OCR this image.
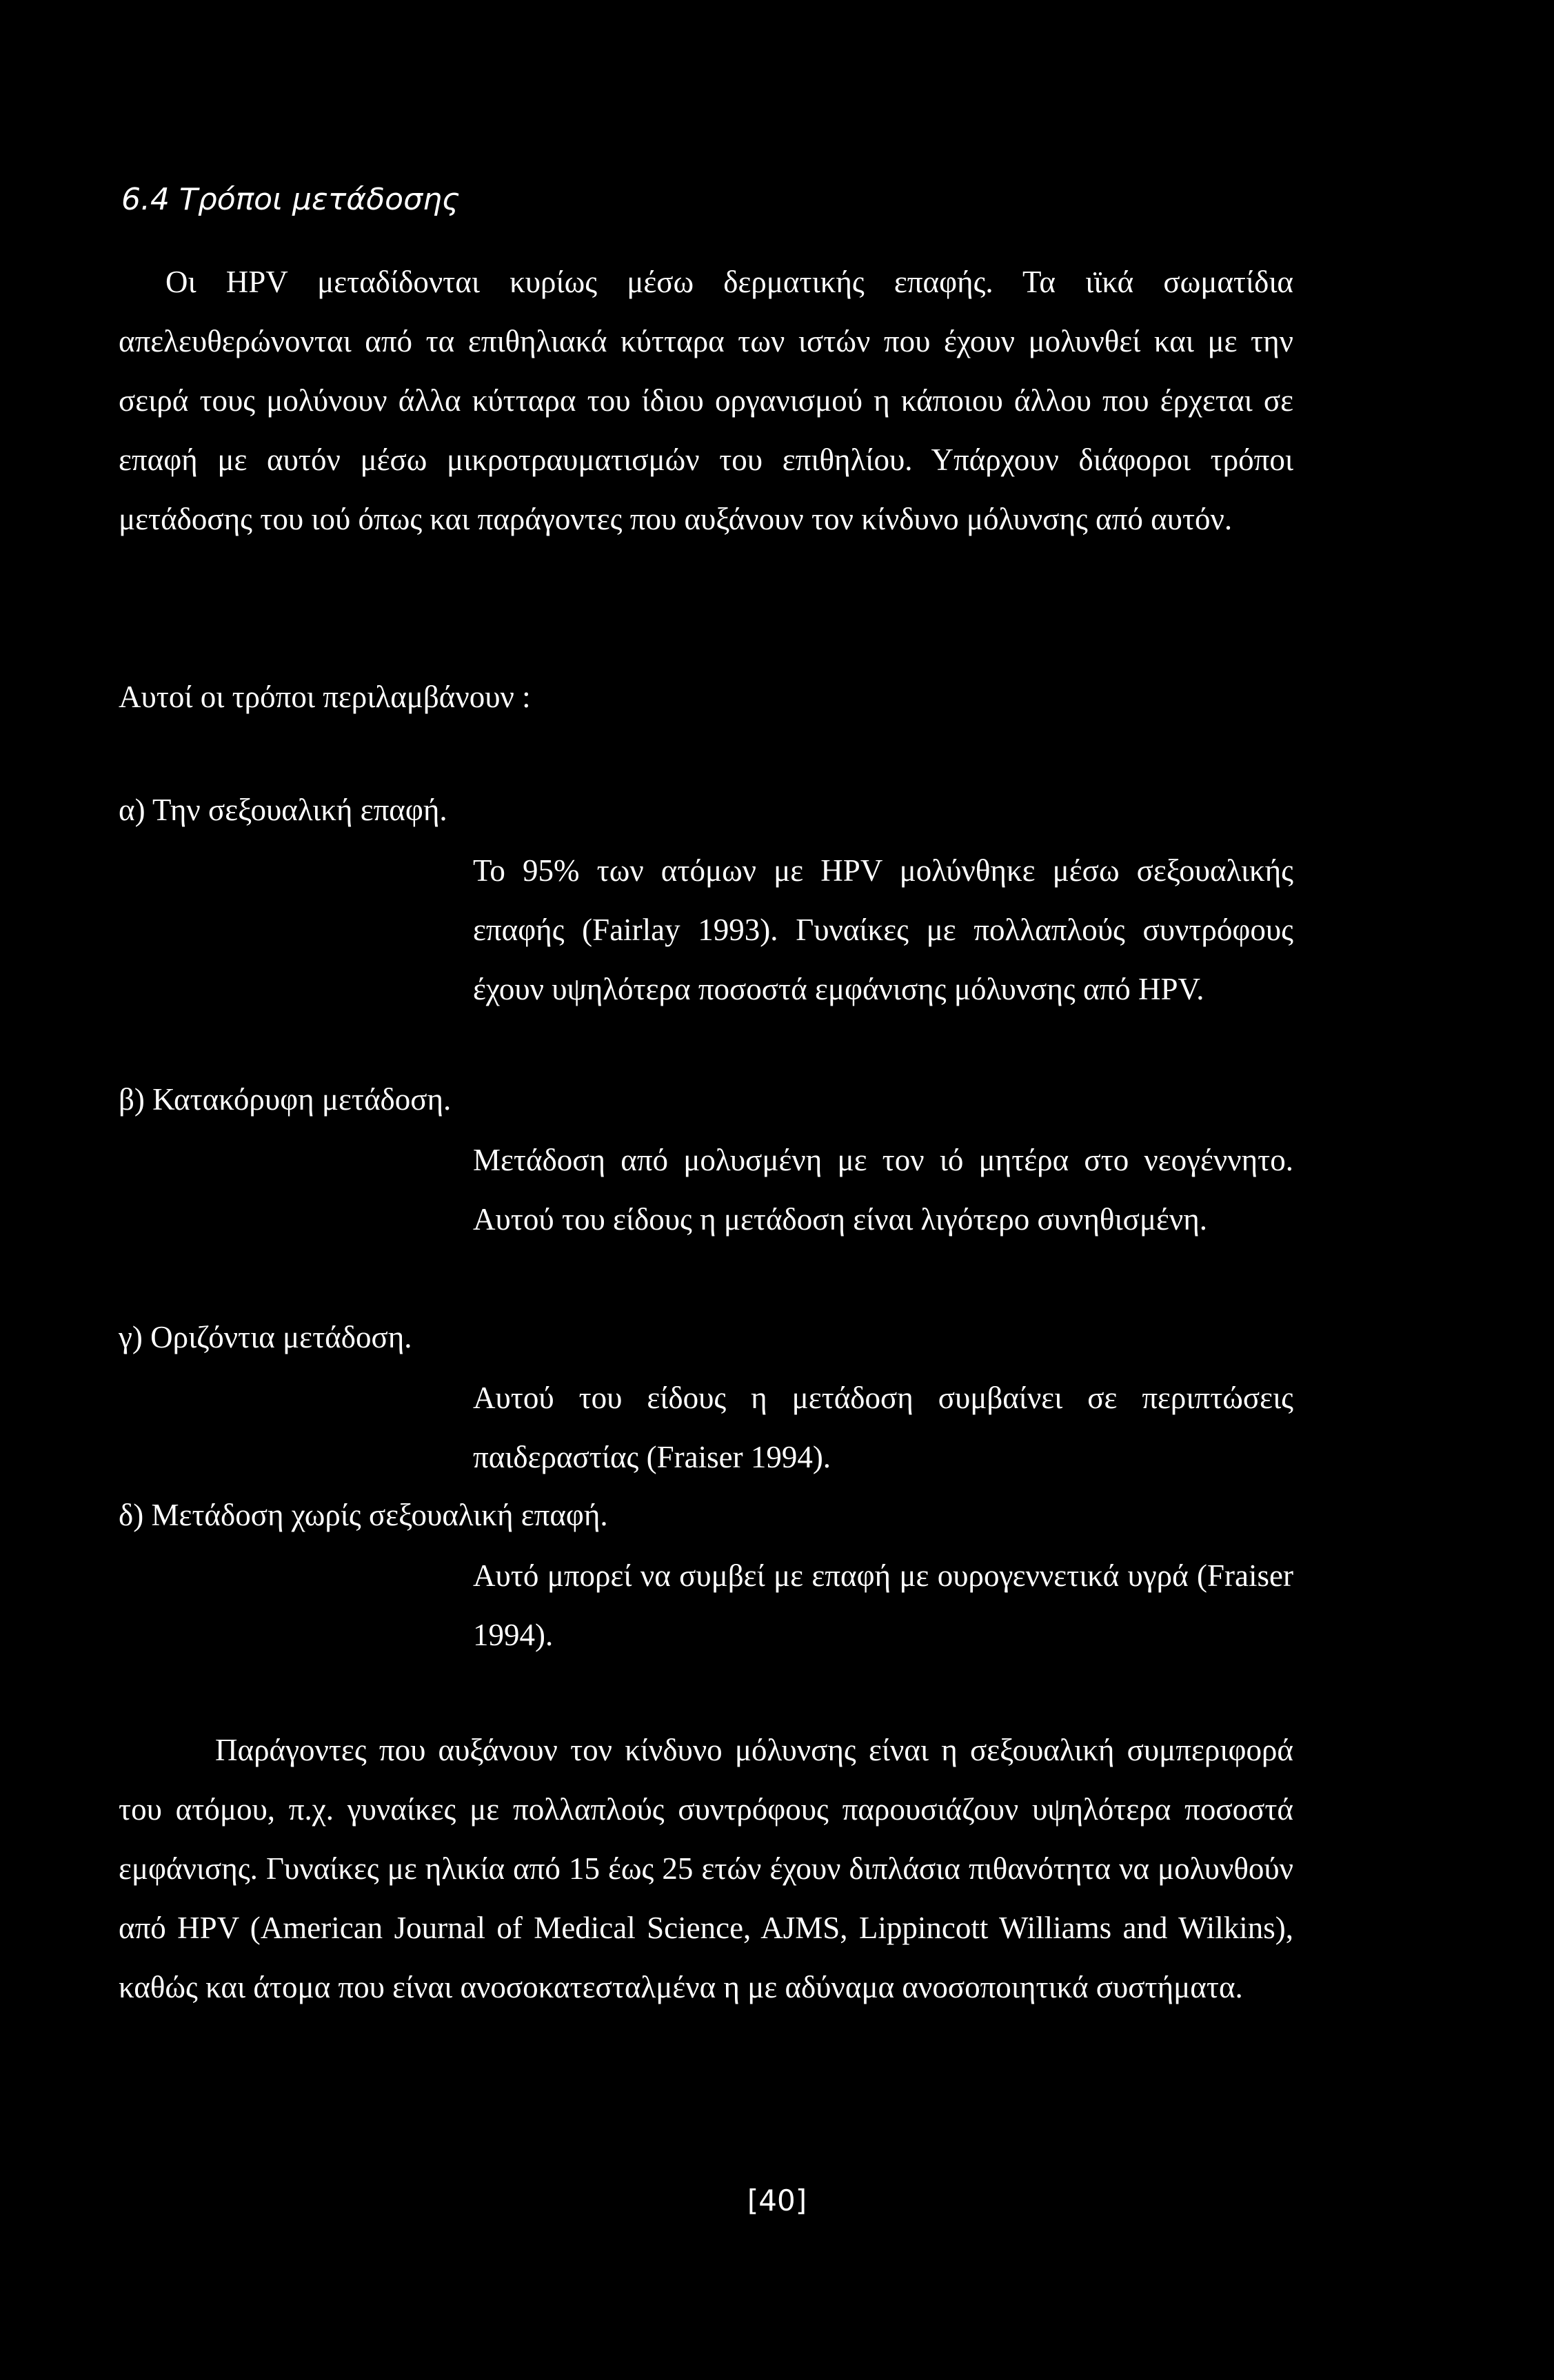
6.4 Τρόποι μετάδοσης

Οι HPV μεταδίδονται κυρίως μέσω δερματικής επαφής. Τα ιϊκά σωματίδια απελευθερώνονται από τα επιθηλιακά κύτταρα των ιστών που έχουν μολυνθεί και με την σειρά τους μολύνουν άλλα κύτταρα του ίδιου οργανισμού η κάποιου άλλου που έρχεται σε επαφή με αυτόν μέσω μικροτραυματισμών του επιθηλίου. Υπάρχουν διάφοροι τρόποι μετάδοσης του ιού όπως και παράγοντες που αυξάνουν τον κίνδυνο μόλυνσης από αυτόν.

Αυτοί οι τρόποι περιλαμβάνουν :

α) Την σεξουαλική επαφή.

Το 95% των ατόμων με HPV μολύνθηκε μέσω σεξουαλικής επαφής (Fairlay 1993). Γυναίκες με πολλαπλούς συντρόφους έχουν υψηλότερα ποσοστά εμφάνισης μόλυνσης από HPV.

β) Κατακόρυφη μετάδοση.

Μετάδοση από μολυσμένη με τον ιό μητέρα στο νεογέννητο. Αυτού του είδους η μετάδοση είναι λιγότερο συνηθισμένη.

γ) Οριζόντια μετάδοση.

Αυτού του είδους η μετάδοση συμβαίνει σε περιπτώσεις παιδεραστίας (Fraiser 1994).

δ) Μετάδοση χωρίς σεξουαλική επαφή.

Αυτό μπορεί να συμβεί με επαφή με ουρογεννετικά υγρά (Fraiser 1994).

Παράγοντες που αυξάνουν τον κίνδυνο μόλυνσης είναι η σεξουαλική συμπεριφορά του ατόμου, π.χ. γυναίκες με πολλαπλούς συντρόφους παρουσιάζουν υψηλότερα ποσοστά εμφάνισης. Γυναίκες με ηλικία από 15 έως 25 ετών έχουν διπλάσια πιθανότητα να μολυνθούν από HPV (American Journal of Medical Science, AJMS, Lippincott Williams and Wilkins), καθώς και άτομα που είναι ανοσοκατεσταλμένα η με αδύναμα ανοσοποιητικά συστήματα.

[40]
